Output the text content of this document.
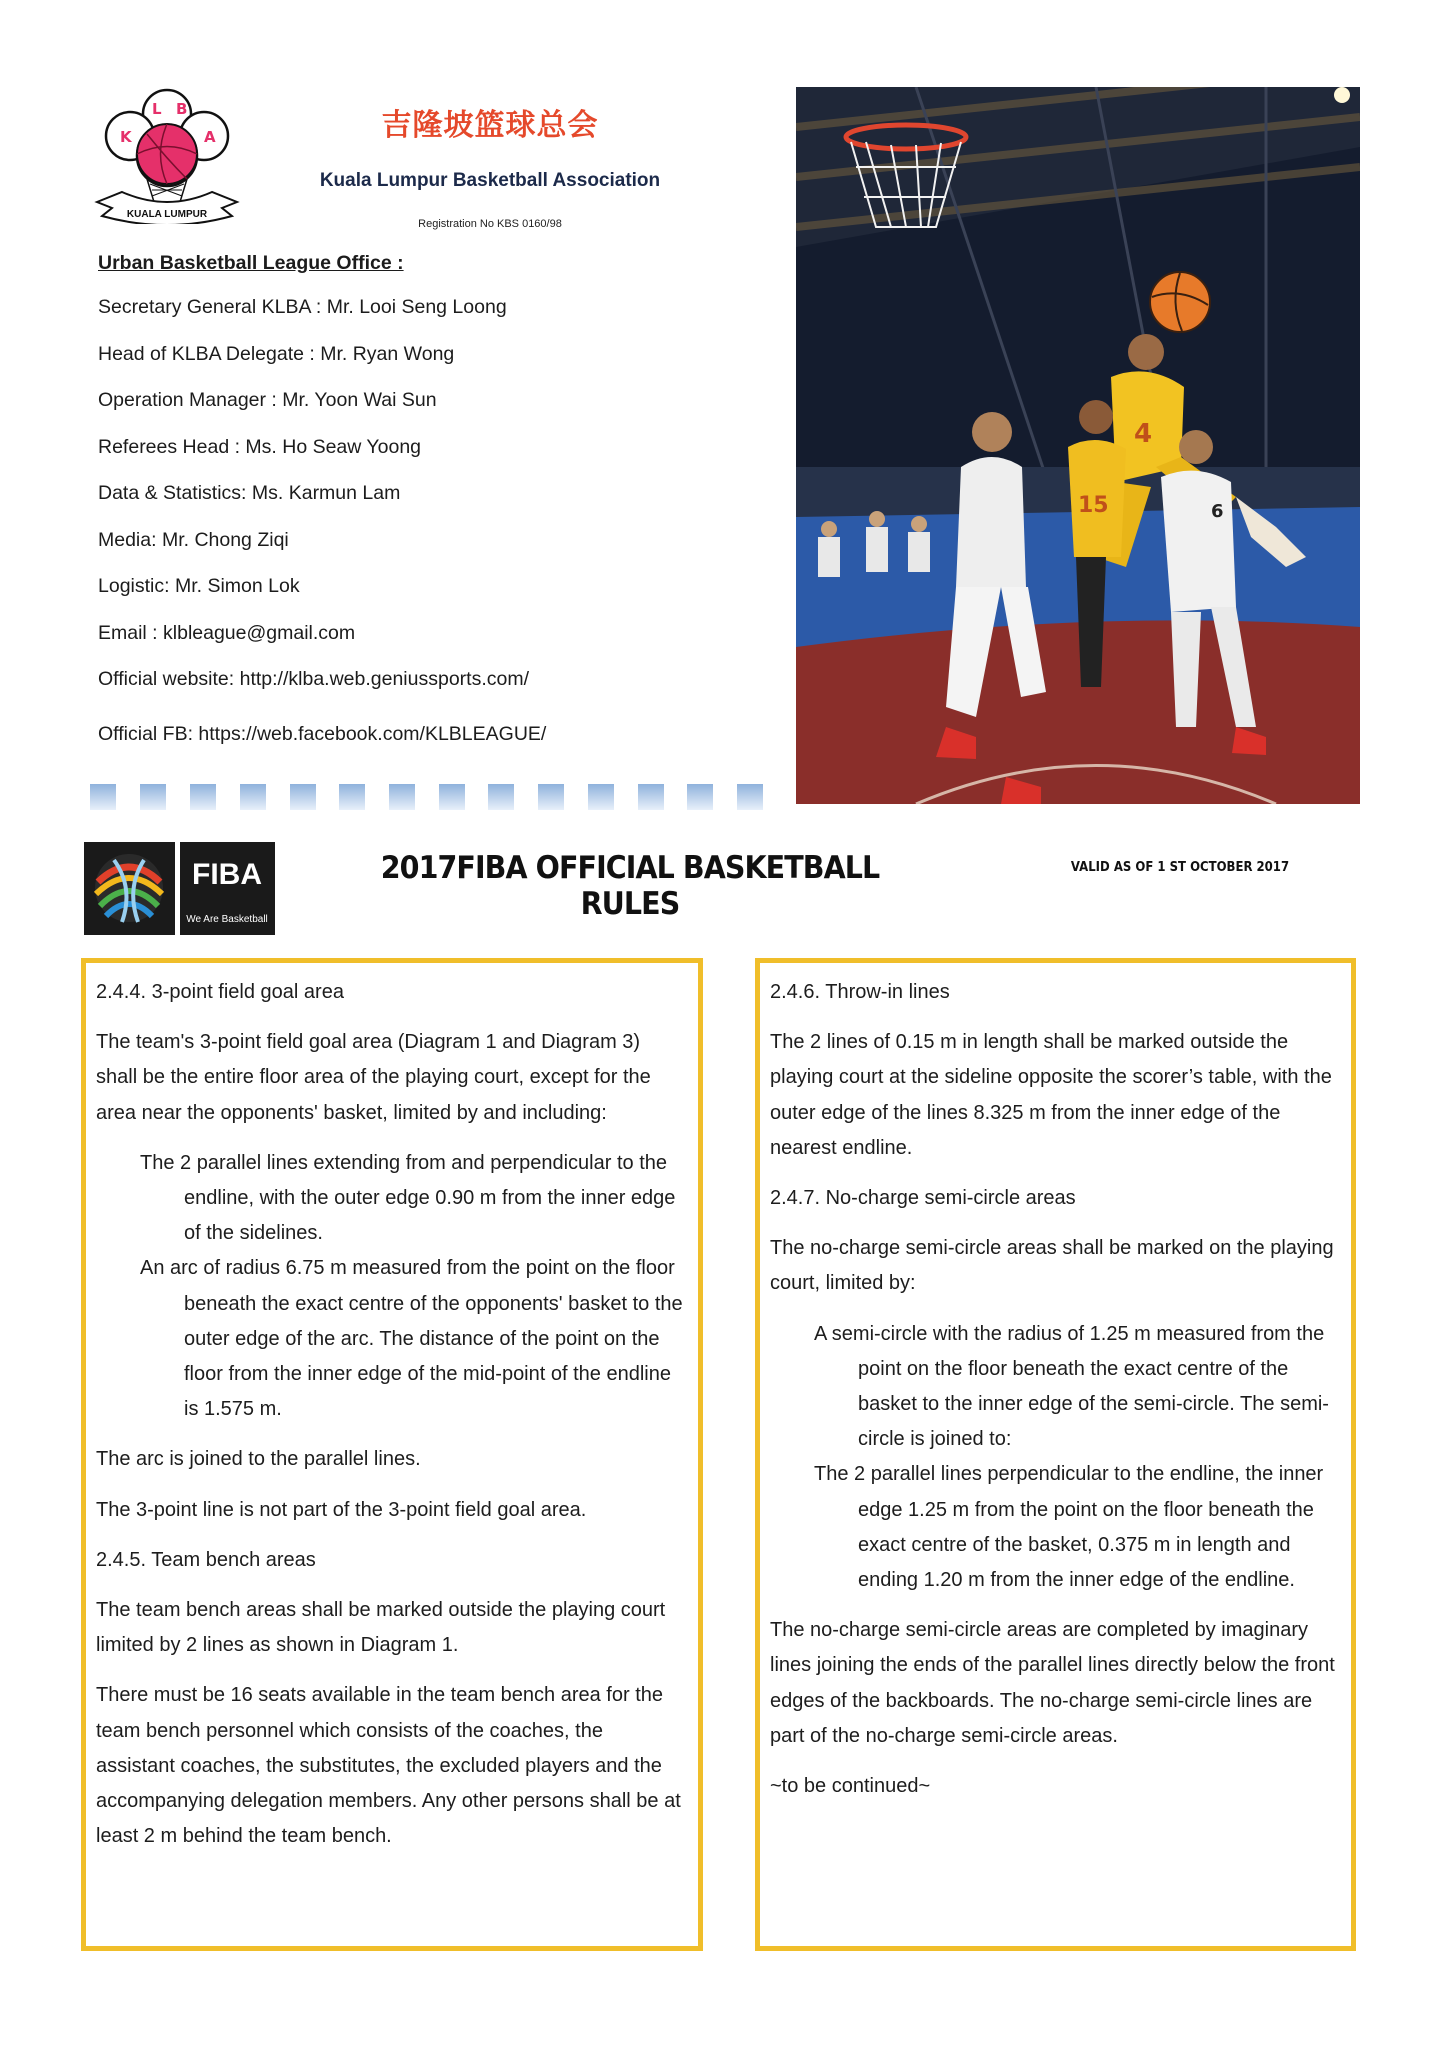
K
L B
A
KUALA LUMPUR
吉隆坡篮球总会
Kuala Lumpur Basketball Association
Registration No KBS 0160/98
Urban Basketball League Office :
Secretary General KLBA : Mr. Looi Seng Loong
Head of KLBA Delegate : Mr. Ryan Wong
Operation Manager : Mr. Yoon Wai Sun
Referees Head : Ms. Ho Seaw Yoong
Data & Statistics: Ms. Karmun Lam
Media: Mr. Chong Ziqi
Logistic: Mr. Simon Lok
Email : klbleague@gmail.com
Official website: http://klba.web.geniussports.com/
Official FB: https://web.facebook.com/KLBLEAGUE/
4
15	6
FIBA
We Are Basketball
2017FIBA OFFICIAL BASKETBALL RULES
VALID AS OF 1 ST OCTOBER 2017

2.4.4. 3-point field goal area

The team's 3-point field goal area (Diagram 1 and Diagram 3) shall be the entire floor area of the playing court, except for the area near the opponents' basket, limited by and including:

The 2 parallel lines extending from and perpendicular to the endline, with the outer edge 0.90 m from the inner edge of the sidelines.

An arc of radius 6.75 m measured from the point on the floor beneath the exact centre of the opponents' basket to the outer edge of the arc. The distance of the point on the floor from the inner edge of the mid-point of the endline is 1.575 m.

The arc is joined to the parallel lines.

The 3-point line is not part of the 3-point field goal area.

2.4.5. Team bench areas

The team bench areas shall be marked outside the playing court limited by 2 lines as shown in Diagram 1.

There must be 16 seats available in the team bench area for the team bench personnel which consists of the coaches, the assistant coaches, the substitutes, the excluded players and the accompanying delegation members. Any other persons shall be at least 2 m behind the team bench.

2.4.6. Throw-in lines

The 2 lines of 0.15 m in length shall be marked outside the playing court at the sideline opposite the scorer’s table, with the outer edge of the lines 8.325 m from the inner edge of the nearest endline.

2.4.7. No-charge semi-circle areas

The no-charge semi-circle areas shall be marked on the playing court, limited by:

A semi-circle with the radius of 1.25 m measured from the point on the floor beneath the exact centre of the basket to the inner edge of the semi-circle. The semi-circle is joined to:

The 2 parallel lines perpendicular to the endline, the inner edge 1.25 m from the point on the floor beneath the exact centre of the basket, 0.375 m in length and ending 1.20 m from the inner edge of the endline.

The no-charge semi-circle areas are completed by imaginary lines joining the ends of the parallel lines directly below the front edges of the backboards. The no-charge semi-circle lines are part of the no-charge semi-circle areas.

~to be continued~
